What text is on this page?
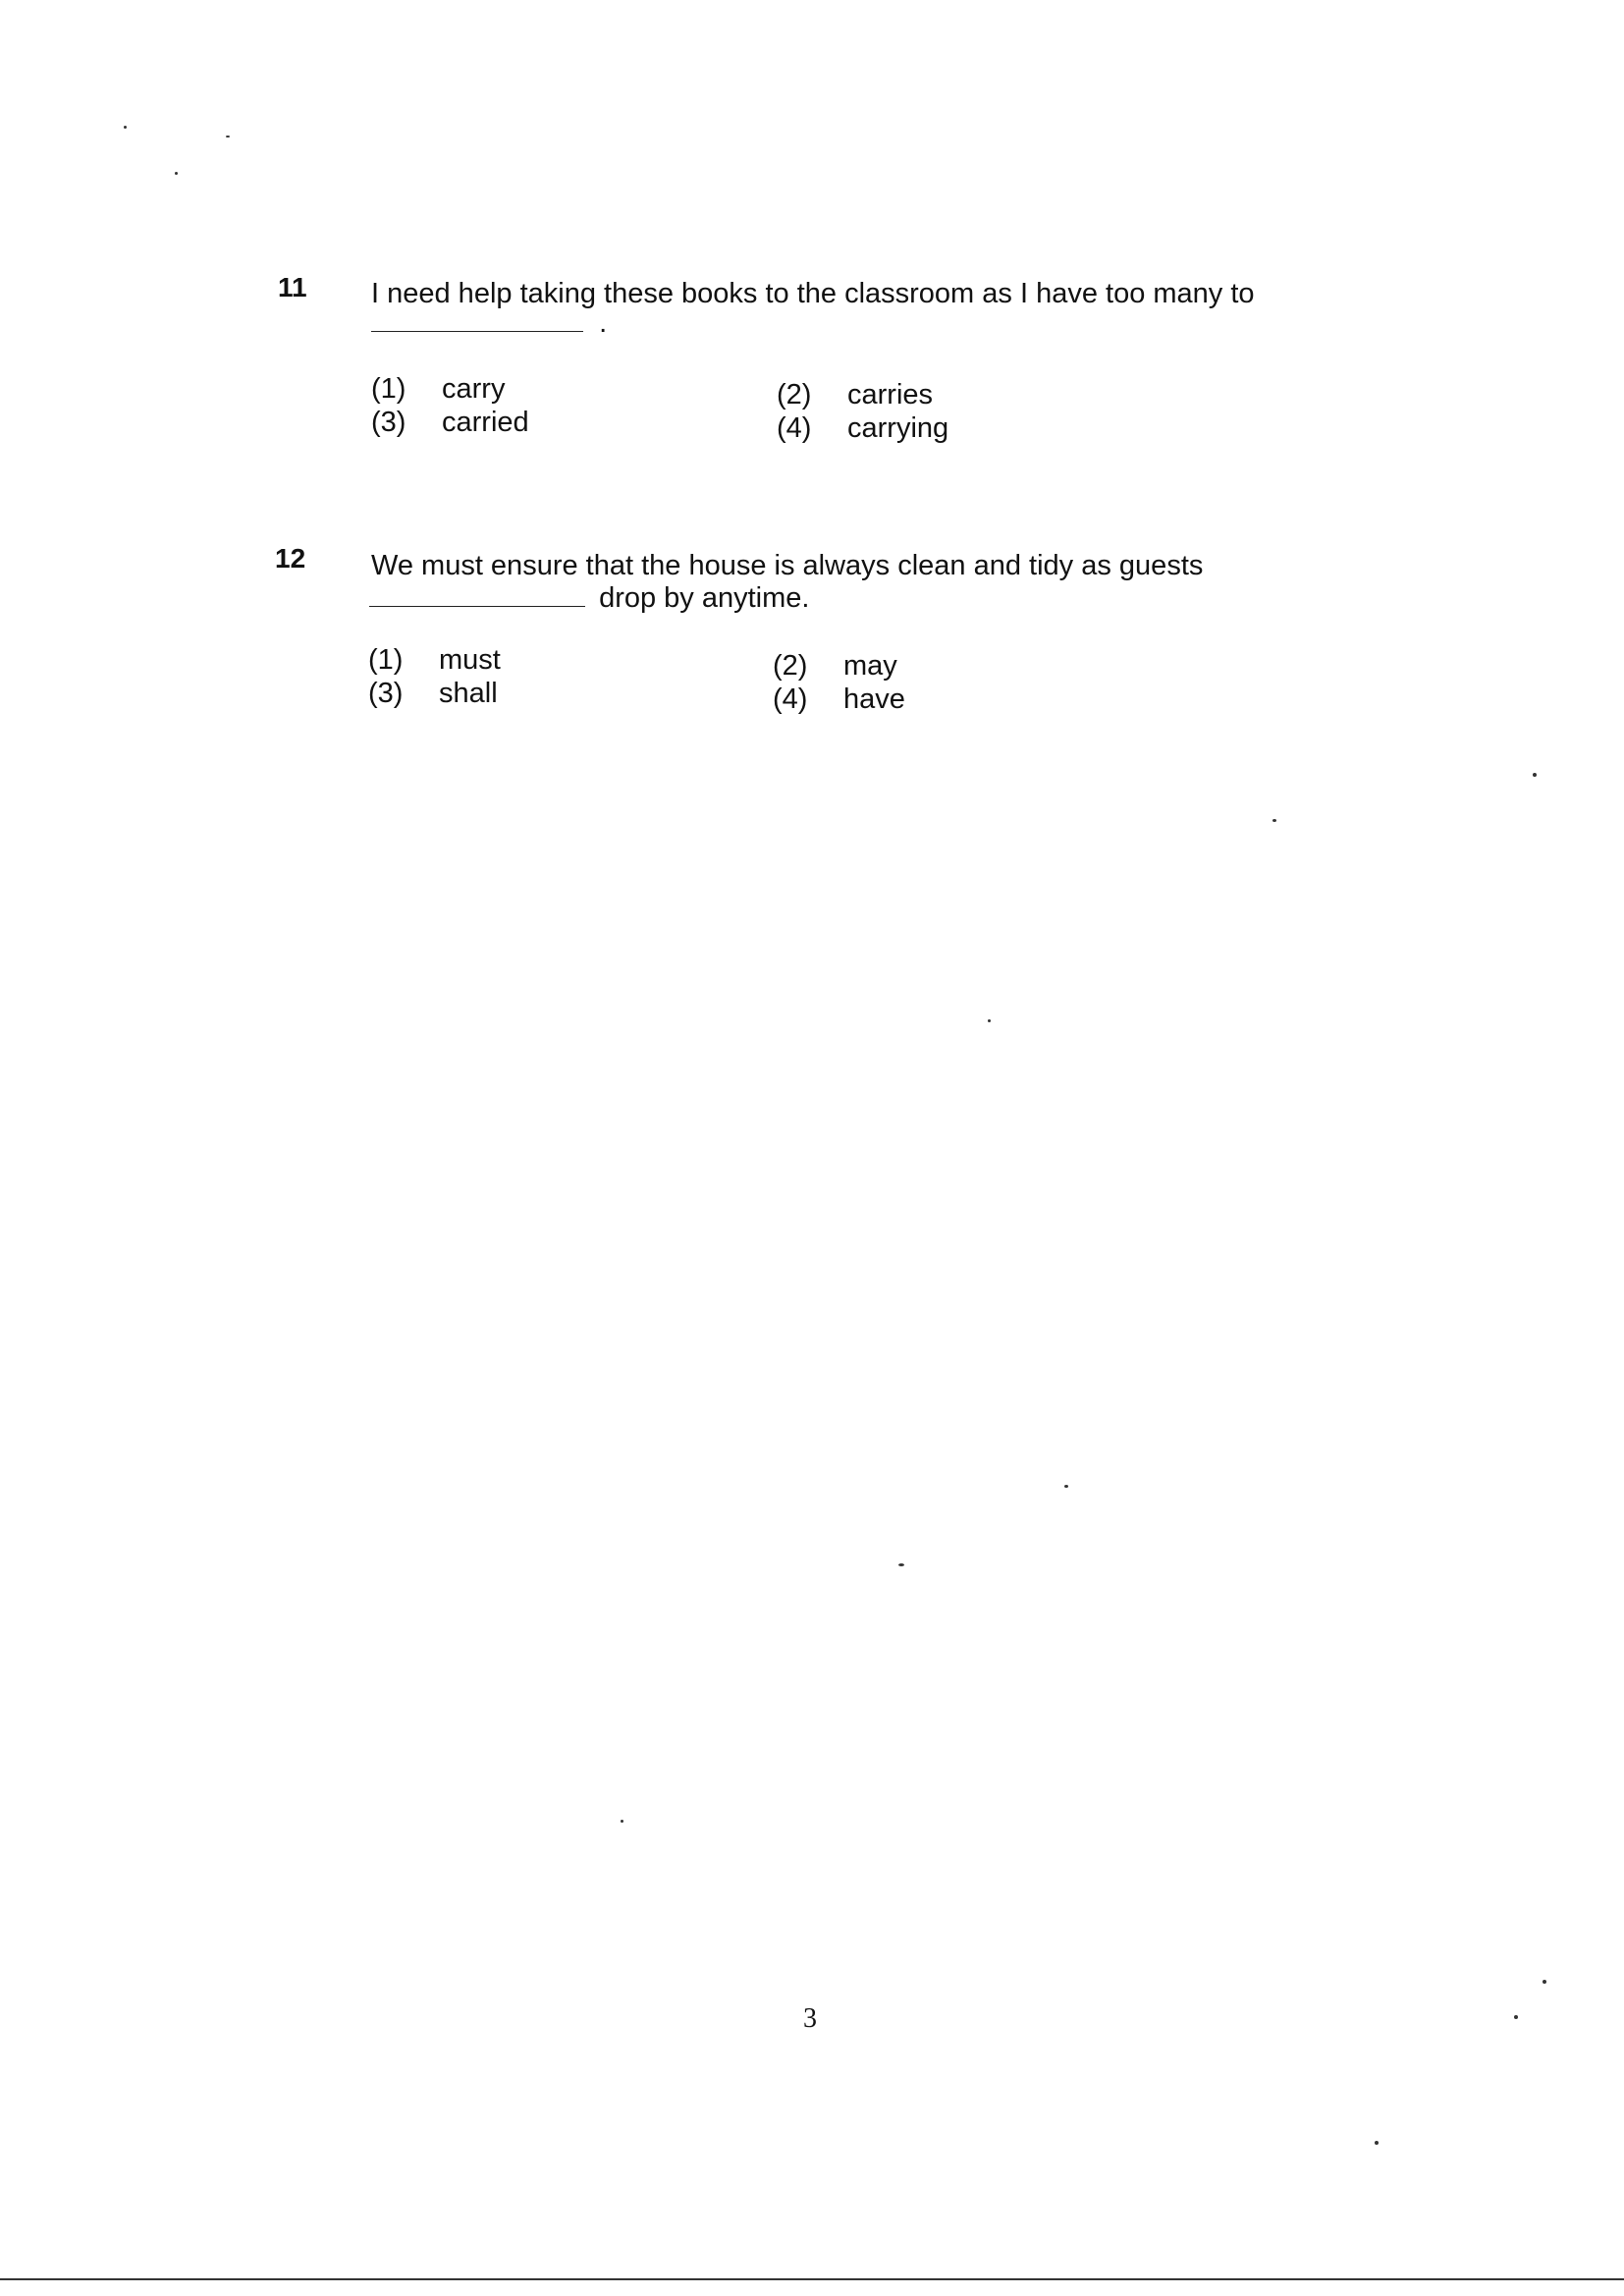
11 I need help taking these books to the classroom as I have too many to
.
(1) carry	(2) carries
(3) carried	(4) carrying
12 We must ensure that the house is always clean and tidy as guests
drop by anytime.
(1) must	(2) may
(3) shall	(4) have
3
